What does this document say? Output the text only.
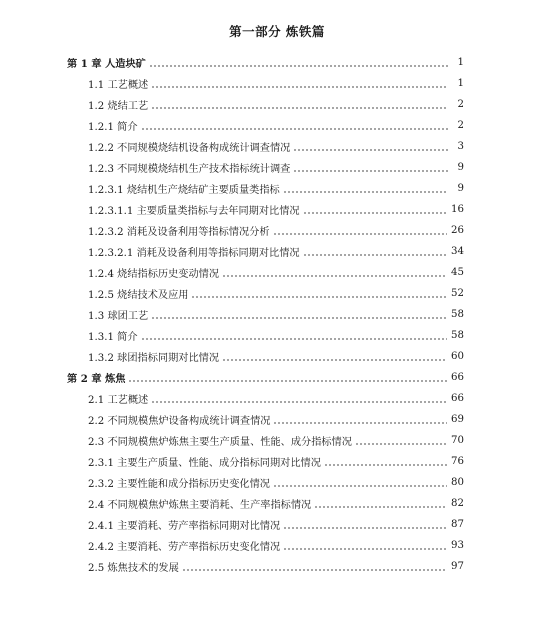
第一部分 炼铁篇
第 1 章 人造块矿	1
1.1 工艺概述	1
1.2 烧结工艺	2
1.2.1 简介	2
1.2.2 不同规模烧结机设备构成统计调查情况	3
1.2.3 不同规模烧结机生产技术指标统计调查	9
1.2.3.1 烧结机生产烧结矿主要质量类指标	9
1.2.3.1.1 主要质量类指标与去年同期对比情况	16
1.2.3.2 消耗及设备利用等指标情况分析	26
1.2.3.2.1 消耗及设备利用等指标同期对比情况	34
1.2.4 烧结指标历史变动情况	45
1.2.5 烧结技术及应用	52
1.3 球团工艺	58
1.3.1 简介	58
1.3.2 球团指标同期对比情况	60
第 2 章 炼焦	66
2.1 工艺概述	66
2.2 不同规模焦炉设备构成统计调查情况	69
2.3 不同规模焦炉炼焦主要生产质量、性能、成分指标情况	70
2.3.1 主要生产质量、性能、成分指标同期对比情况	76
2.3.2 主要性能和成分指标历史变化情况	80
2.4 不同规模焦炉炼焦主要消耗、生产率指标情况	82
2.4.1 主要消耗、劳产率指标同期对比情况	87
2.4.2 主要消耗、劳产率指标历史变化情况	93
2.5 炼焦技术的发展	97
